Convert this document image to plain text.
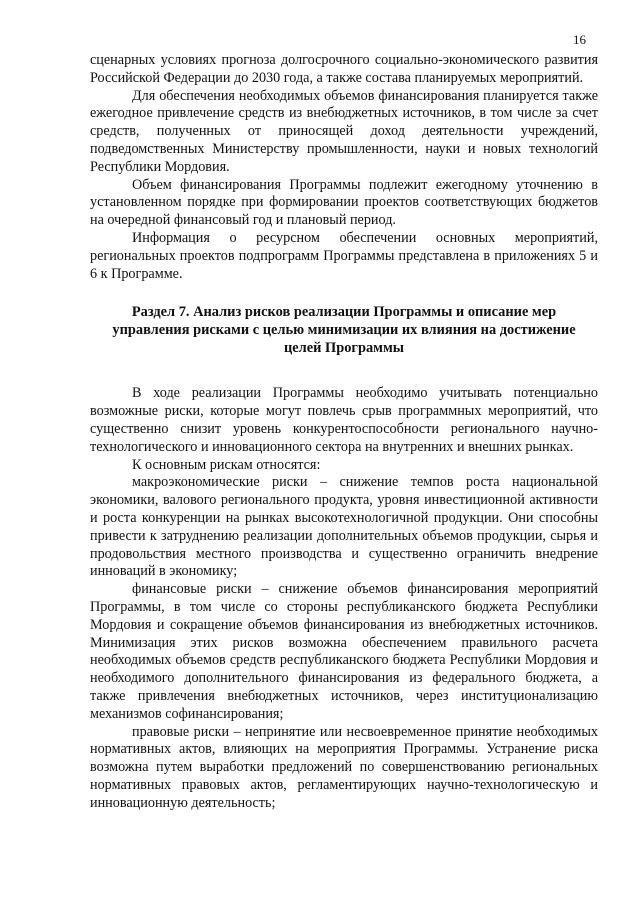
16

сценарных условиях прогноза долгосрочного социально-экономического развития Российской Федерации до 2030 года, а также состава планируемых мероприятий.

Для обеспечения необходимых объемов финансирования планируется также ежегодное привлечение средств из внебюджетных источников, в том числе за счет средств, полученных от приносящей доход деятельности учреждений, подведомственных Министерству промышленности, науки и новых технологий Республики Мордовия.

Объем финансирования Программы подлежит ежегодному уточнению в установленном порядке при формировании проектов соответствующих бюджетов на очередной финансовый год и плановый период.

Информация о ресурсном обеспечении основных мероприятий, региональных проектов подпрограмм Программы представлена в приложениях 5 и 6 к Программе.

Раздел 7. Анализ рисков реализации Программы и описание мер управления рисками с целью минимизации их влияния на достижение целей Программы

В ходе реализации Программы необходимо учитывать потенциально возможные риски, которые могут повлечь срыв программных мероприятий, что существенно снизит уровень конкурентоспособности регионального научно-технологического и инновационного сектора на внутренних и внешних рынках.

К основным рискам относятся:

макроэкономические риски – снижение темпов роста национальной экономики, валового регионального продукта, уровня инвестиционной активности и роста конкуренции на рынках высокотехнологичной продукции. Они способны привести к затруднению реализации дополнительных объемов продукции, сырья и продовольствия местного производства и существенно ограничить внедрение инноваций в экономику;

финансовые риски – снижение объемов финансирования мероприятий Программы, в том числе со стороны республиканского бюджета Республики Мордовия и сокращение объемов финансирования из внебюджетных источников. Минимизация этих рисков возможна обеспечением правильного расчета необходимых объемов средств республиканского бюджета Республики Мордовия и необходимого дополнительного финансирования из федерального бюджета, а также привлечения внебюджетных источников, через институционализацию механизмов софинансирования;

правовые риски – непринятие или несвоевременное принятие необходимых нормативных актов, влияющих на мероприятия Программы. Устранение риска возможна путем выработки предложений по совершенствованию региональных нормативных правовых актов, регламентирующих научно-технологическую и инновационную деятельность;
